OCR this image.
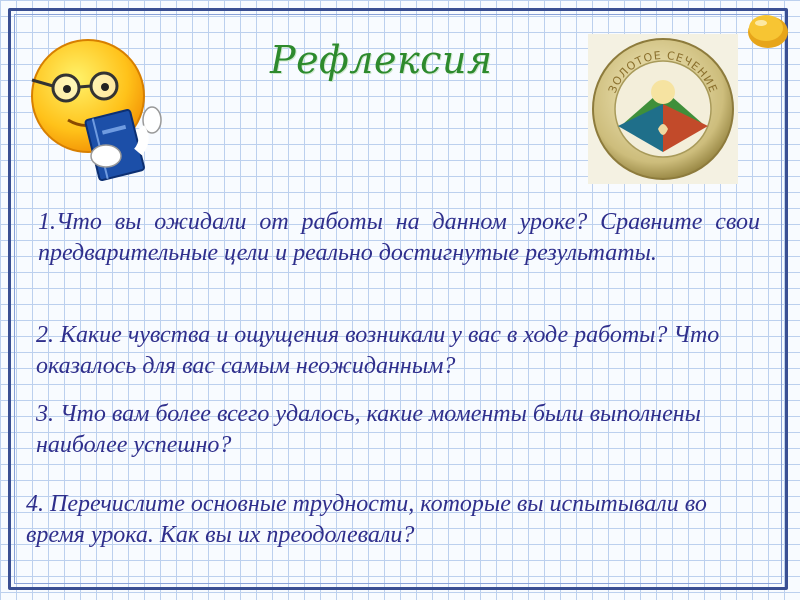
Рефлексия
ЗОЛОТОЕ СЕЧЕНИЕ

1.Что вы ожидали от работы на данном уроке? Сравните свои предварительные цели и реально достигнутые результаты.

2. Какие чувства и ощущения возникали у вас в ходе работы? Что оказалось для вас самым неожиданным?

3. Что вам более всего удалось, какие моменты были выполнены наиболее успешно?

4. Перечислите основные трудности, которые вы испытывали во время урока. Как вы их преодолевали?
